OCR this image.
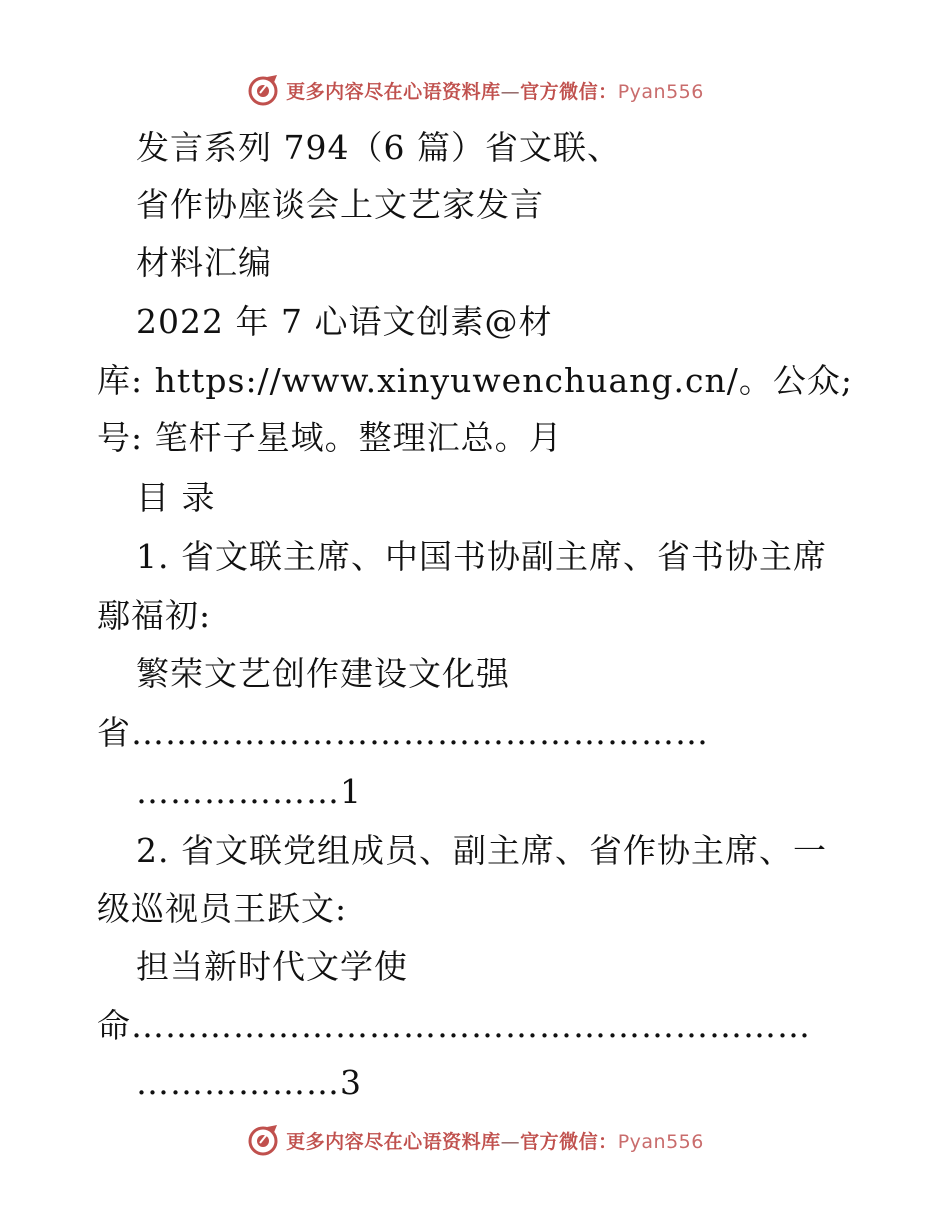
更多内容尽在心语资料库—官方微信：Pyan556
发言系列 794（6 篇）省文联、
省作协座谈会上文艺家发言
材料汇编
2022 年 7 心语文创素@材
库: https://www.xinyuwenchuang.cn/。公众;
号: 笔杆子星域。整理汇总。月
目 录
1. 省文联主席、中国书协副主席、省书协主席
鄢福初:
繁荣文艺创作建设文化强
省……………………………………………
………………1
2. 省文联党组成员、副主席、省作协主席、一
级巡视员王跃文:
担当新时代文学使
命……………………………………………………
………………3
更多内容尽在心语资料库—官方微信：Pyan556
